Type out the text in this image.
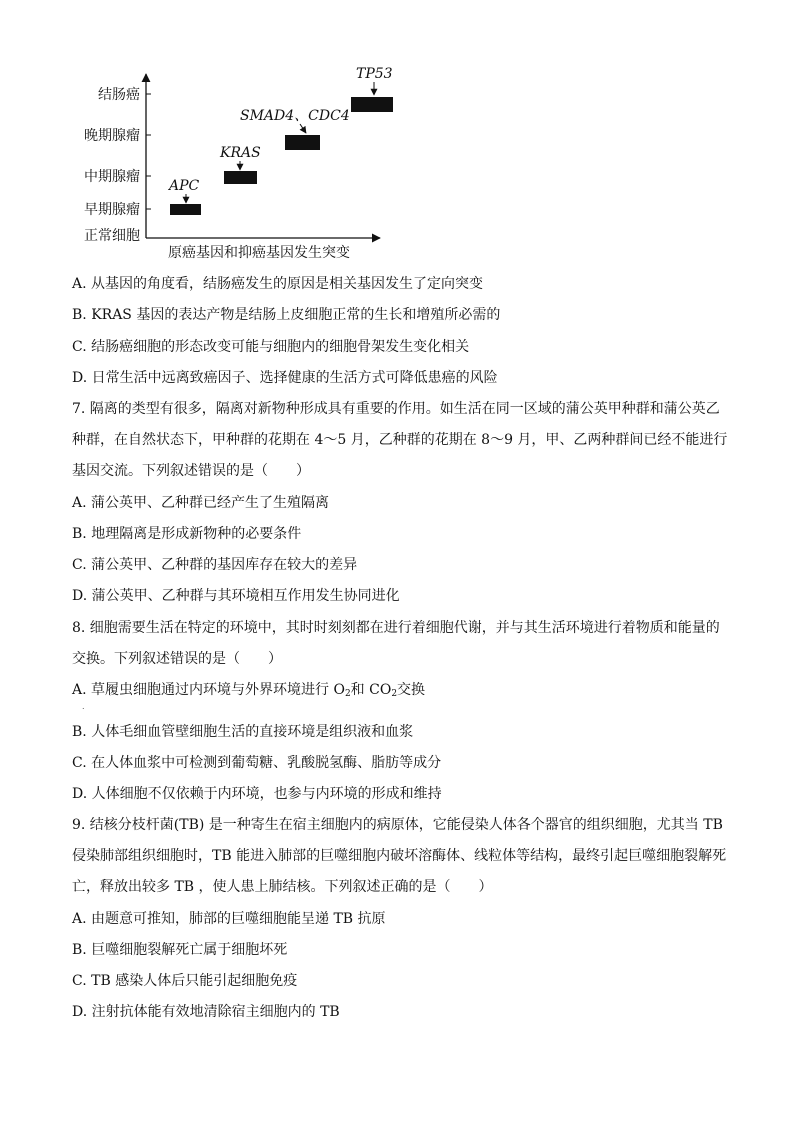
结肠癌
晚期腺瘤
中期腺瘤
早期腺瘤
正常细胞
APC
KRAS
SMAD4、CDC4
TP53
原癌基因和抑癌基因发生突变
A. 从基因的角度看，结肠癌发生的原因是相关基因发生了定向突变
B. KRAS 基因的表达产物是结肠上皮细胞正常的生长和增殖所必需的
C. 结肠癌细胞的形态改变可能与细胞内的细胞骨架发生变化相关
D. 日常生活中远离致癌因子、选择健康的生活方式可降低患癌的风险
7. 隔离的类型有很多，隔离对新物种形成具有重要的作用。如生活在同一区域的蒲公英甲种群和蒲公英乙
种群，在自然状态下，甲种群的花期在 4～5 月，乙种群的花期在 8～9 月，甲、乙两种群间已经不能进行
基因交流。下列叙述错误的是（　　）
A. 蒲公英甲、乙种群已经产生了生殖隔离
B. 地理隔离是形成新物种的必要条件
C. 蒲公英甲、乙种群的基因库存在较大的差异
D. 蒲公英甲、乙种群与其环境相互作用发生协同进化
8. 细胞需要生活在特定的环境中，其时时刻刻都在进行着细胞代谢，并与其生活环境进行着物质和能量的
交换。下列叙述错误的是（　　）
A. 草履虫细胞通过内环境与外界环境进行 $O_2$和 $CO_2$交换
.
B. 人体毛细血管壁细胞生活的直接环境是组织液和血浆
C. 在人体血浆中可检测到葡萄糖、乳酸脱氢酶、脂肪等成分
D. 人体细胞不仅依赖于内环境，也参与内环境的形成和维持
9. 结核分枝杆菌(TB) 是一种寄生在宿主细胞内的病原体，它能侵染人体各个器官的组织细胞，尤其当 TB
侵染肺部组织细胞时，TB 能进入肺部的巨噬细胞内破坏溶酶体、线粒体等结构，最终引起巨噬细胞裂解死
亡，释放出较多 TB ，使人患上肺结核。下列叙述正确的是（　　）
A. 由题意可推知，肺部的巨噬细胞能呈递 TB 抗原
B. 巨噬细胞裂解死亡属于细胞坏死
C. TB 感染人体后只能引起细胞免疫
D. 注射抗体能有效地清除宿主细胞内的 TB
